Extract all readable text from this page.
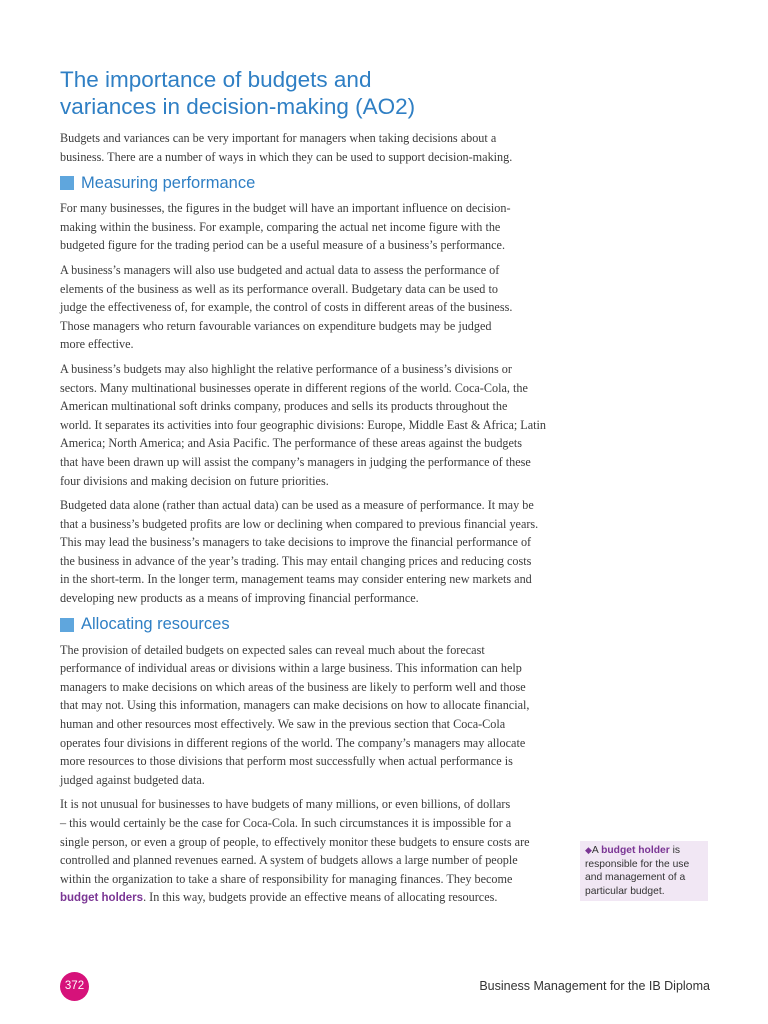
The importance of budgets and
variances in decision-making (AO2)

Budgets and variances can be very important for managers when taking decisions about a
business. There are a number of ways in which they can be used to support decision-making.

Measuring performance

For many businesses, the figures in the budget will have an important influence on decision-
making within the business. For example, comparing the actual net income figure with the
budgeted figure for the trading period can be a useful measure of a business’s performance.

A business’s managers will also use budgeted and actual data to assess the performance of
elements of the business as well as its performance overall. Budgetary data can be used to
judge the effectiveness of, for example, the control of costs in different areas of the business.
Those managers who return favourable variances on expenditure budgets may be judged
more effective.

A business’s budgets may also highlight the relative performance of a business’s divisions or
sectors. Many multinational businesses operate in different regions of the world. Coca-Cola, the
American multinational soft drinks company, produces and sells its products throughout the
world. It separates its activities into four geographic divisions: Europe, Middle East & Africa; Latin
America; North America; and Asia Pacific. The performance of these areas against the budgets
that have been drawn up will assist the company’s managers in judging the performance of these
four divisions and making decision on future priorities.

Budgeted data alone (rather than actual data) can be used as a measure of performance. It may be
that a business’s budgeted profits are low or declining when compared to previous financial years.
This may lead the business’s managers to take decisions to improve the financial performance of
the business in advance of the year’s trading. This may entail changing prices and reducing costs
in the short-term. In the longer term, management teams may consider entering new markets and
developing new products as a means of improving financial performance.

Allocating resources

The provision of detailed budgets on expected sales can reveal much about the forecast
performance of individual areas or divisions within a large business. This information can help
managers to make decisions on which areas of the business are likely to perform well and those
that may not. Using this information, managers can make decisions on how to allocate financial,
human and other resources most effectively. We saw in the previous section that Coca-Cola
operates four divisions in different regions of the world. The company’s managers may allocate
more resources to those divisions that perform most successfully when actual performance is
judged against budgeted data.

It is not unusual for businesses to have budgets of many millions, or even billions, of dollars
– this would certainly be the case for Coca-Cola. In such circumstances it is impossible for a
single person, or even a group of people, to effectively monitor these budgets to ensure costs are
controlled and planned revenues earned. A system of budgets allows a large number of people
within the organization to take a share of responsibility for managing finances. They become
budget holders. In this way, budgets provide an effective means of allocating resources.

◆A budget holder is
responsible for the use
and management of a
particular budget.
372	Business Management for the IB Diploma
